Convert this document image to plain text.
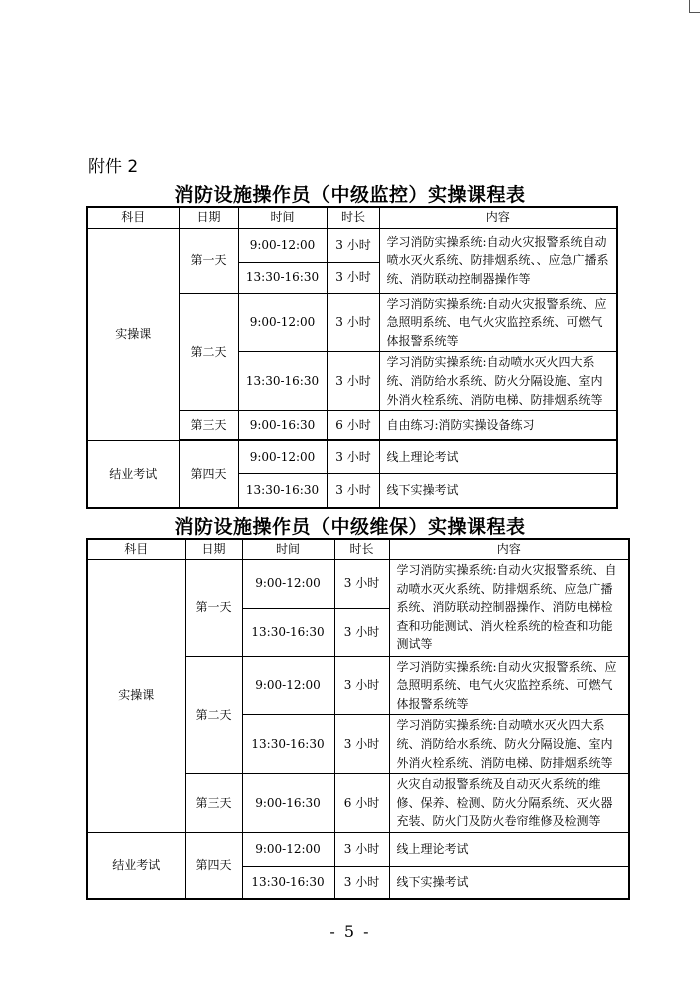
附件 2
消防设施操作员（中级监控）实操课程表
科目	日期	时间	时长	内容
实操课	第一天	9:00-12:00	3 小时	学习消防实操系统:自动火灾报警系统自动喷水灭火系统、防排烟系统、、应急广播系统、消防联动控制器操作等
		13:30-16:30	3 小时	
	第二天	9:00-12:00	3 小时	学习消防实操系统:自动火灾报警系统、应急照明系统、电气火灾监控系统、可燃气体报警系统等
		13:30-16:30	3 小时	学习消防实操系统:自动喷水灭火四大系统、消防给水系统、防火分隔设施、室内外消火栓系统、消防电梯、防排烟系统等
	第三天	9:00-16:30	6 小时	自由练习:消防实操设备练习

结业考试	第四天	9:00-12:00	3 小时	线上理论考试
		13:30-16:30	3 小时	线下实操考试
消防设施操作员（中级维保）实操课程表
科目	日期	时间	时长	内容
实操课	第一天	9:00-12:00	3 小时	学习消防实操系统:自动火灾报警系统、自动喷水灭火系统、防排烟系统、应急广播系统、消防联动控制器操作、消防电梯检查和功能测试、消火栓系统的检查和功能测试等
		13:30-16:30	3 小时	
	第二天	9:00-12:00	3 小时	学习消防实操系统:自动火灾报警系统、应急照明系统、电气火灾监控系统、可燃气体报警系统等
		13:30-16:30	3 小时	学习消防实操系统:自动喷水灭火四大系统、消防给水系统、防火分隔设施、室内外消火栓系统、消防电梯、防排烟系统等
	第三天	9:00-16:30	6 小时	火灾自动报警系统及自动灭火系统的维修、保养、检测、防火分隔系统、灭火器充装、防火门及防火卷帘维修及检测等
结业考试	第四天	9:00-12:00	3 小时	线上理论考试
		13:30-16:30	3 小时	线下实操考试
- 5 -
